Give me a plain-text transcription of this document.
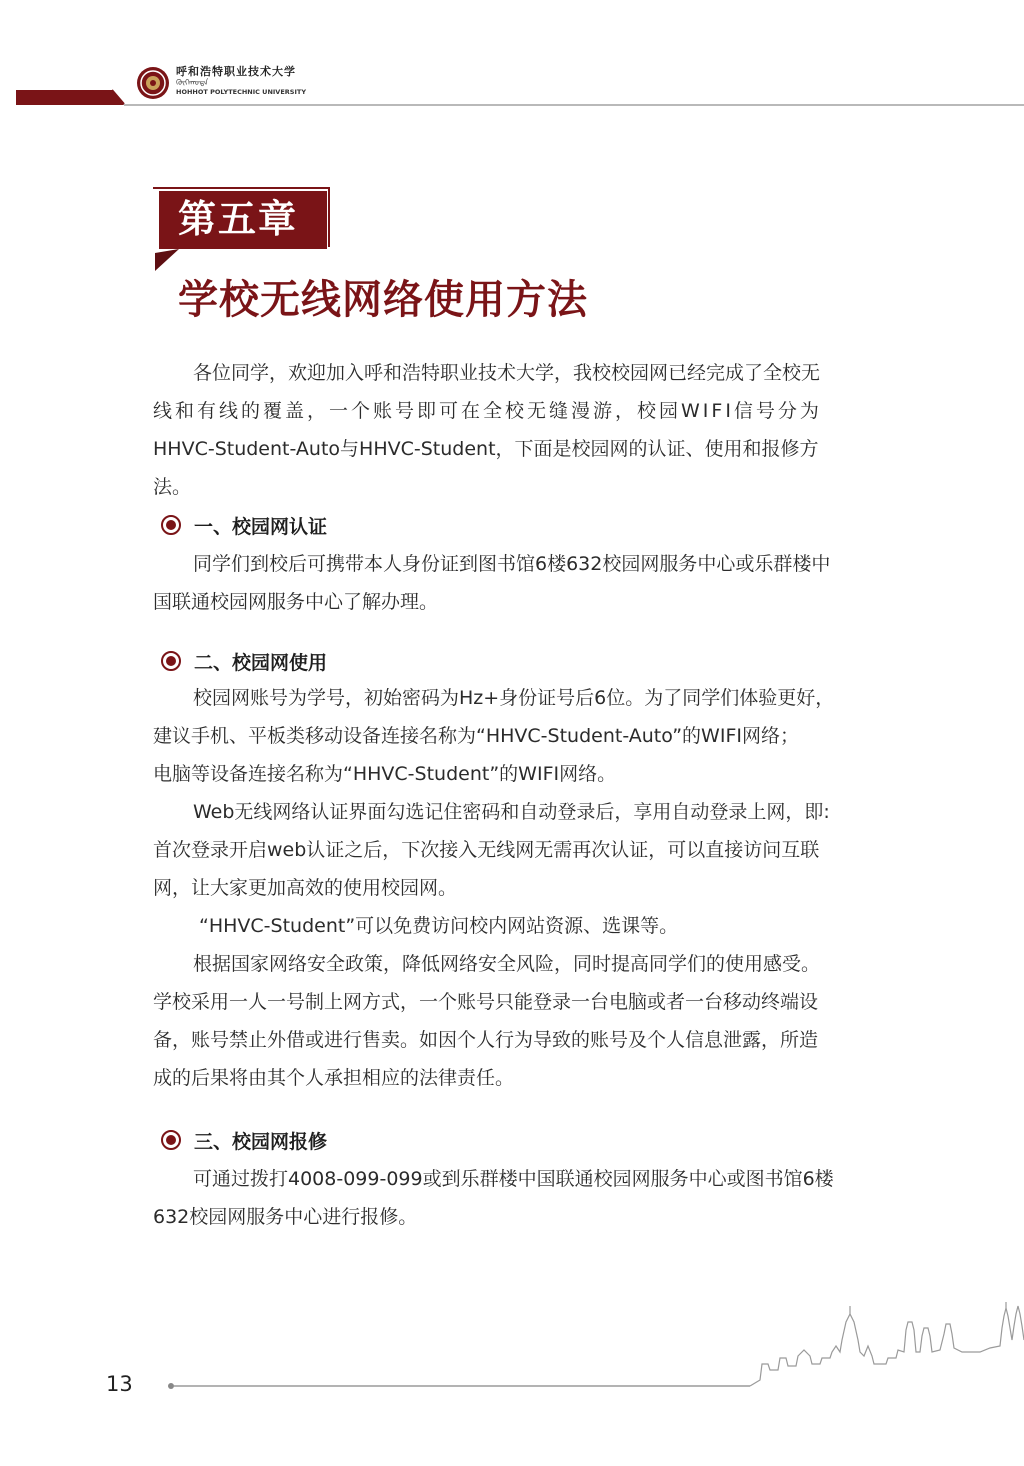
呼和浩特职业技术大学
ᠬᠥᠬᠡᠬᠣᠲᠠ
HOHHOT POLYTECHNIC UNIVERSITY
第五章
学校无线网络使用方法

各位同学，欢迎加入呼和浩特职业技术大学，我校校园网已经完成了全校无
线和有线的覆盖，一个账号即可在全校无缝漫游，校园WIFI信号分为
HHVC-Student-Auto与HHVC-Student，下面是校园网的认证、使用和报修方
法。

一、校园网认证

同学们到校后可携带本人身份证到图书馆6楼632校园网服务中心或乐群楼中
国联通校园网服务中心了解办理。

二、校园网使用

校园网账号为学号，初始密码为Hz+身份证号后6位。为了同学们体验更好，
建议手机、平板类移动设备连接名称为“HHVC-Student-Auto”的WIFI网络；
电脑等设备连接名称为“HHVC-Student”的WIFI网络。
Web无线网络认证界面勾选记住密码和自动登录后，享用自动登录上网，即:
首次登录开启web认证之后，下次接入无线网无需再次认证，可以直接访问互联
网，让大家更加高效的使用校园网。
“HHVC-Student”可以免费访问校内网站资源、选课等。
根据国家网络安全政策，降低网络安全风险，同时提高同学们的使用感受。
学校采用一人一号制上网方式，一个账号只能登录一台电脑或者一台移动终端设
备，账号禁止外借或进行售卖。如因个人行为导致的账号及个人信息泄露，所造
成的后果将由其个人承担相应的法律责任。

三、校园网报修

可通过拨打4008-099-099或到乐群楼中国联通校园网服务中心或图书馆6楼
632校园网服务中心进行报修。

13
